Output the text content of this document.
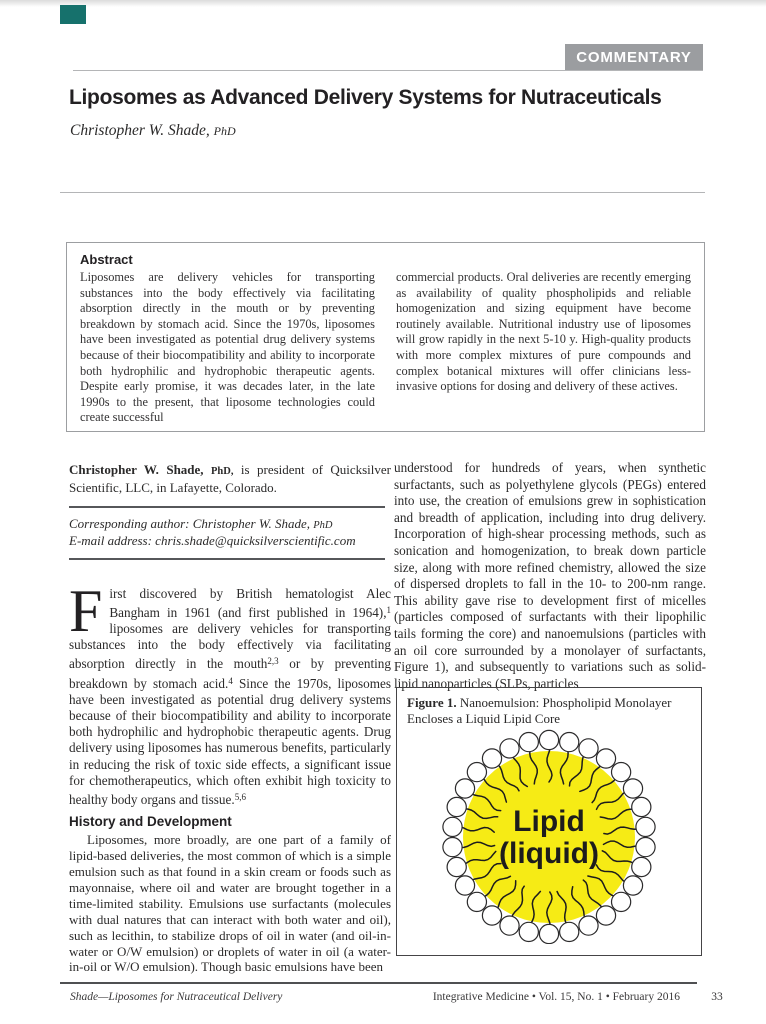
COMMENTARY
Liposomes as Advanced Delivery Systems for Nutraceuticals
Christopher W. Shade, PhD
Abstract

Liposomes are delivery vehicles for transporting substances into the body effectively via facilitating absorption directly in the mouth or by preventing breakdown by stomach acid. Since the 1970s, liposomes have been investigated as potential drug delivery systems because of their biocompatibility and ability to incorporate both hydrophilic and hydrophobic therapeutic agents. Despite early promise, it was decades later, in the late 1990s to the present, that liposome technologies could create successful

commercial products. Oral deliveries are recently emerging as availability of quality phospholipids and reliable homogenization and sizing equipment have become routinely available. Nutritional industry use of liposomes will grow rapidly in the next 5-10 y. High-quality products with more complex mixtures of pure compounds and complex botanical mixtures will offer clinicians less-invasive options for dosing and delivery of these actives.

Christopher W. Shade, PhD, is president of Quicksilver Scientific, LLC, in Lafayette, Colorado.

Corresponding author: Christopher W. Shade, PhD
E-mail address: chris.shade@quicksilverscientific.com

First discovered by British hematologist Alec Bangham in 1961 (and first published in 1964),$^1$ liposomes are delivery vehicles for transporting substances into the body effectively via facilitating absorption directly in the mouth$^{2,3}$ or by preventing breakdown by stomach acid.$^4$ Since the 1970s, liposomes have been investigated as potential drug delivery systems because of their biocompatibility and ability to incorporate both hydrophilic and hydrophobic therapeutic agents. Drug delivery using liposomes has numerous benefits, particularly in reducing the risk of toxic side effects, a significant issue for chemotherapeutics, which often exhibit high toxicity to healthy body organs and tissue.$^{5,6}$

History and Development

Liposomes, more broadly, are one part of a family of lipid-based deliveries, the most common of which is a simple emulsion such as that found in a skin cream or foods such as mayonnaise, where oil and water are brought together in a time-limited stability. Emulsions use surfactants (molecules with dual natures that can interact with both water and oil), such as lecithin, to stabilize drops of oil in water (and oil-in-water or O/W emulsion) or droplets of water in oil (a water-in-oil or W/O emulsion). Though basic emulsions have been

understood for hundreds of years, when synthetic surfactants, such as polyethylene glycols (PEGs) entered into use, the creation of emulsions grew in sophistication and breadth of application, including into drug delivery. Incorporation of high-shear processing methods, such as sonication and homogenization, to break down particle size, along with more refined chemistry, allowed the size of dispersed droplets to fall in the 10- to 200-nm range. This ability gave rise to development first of micelles (particles composed of surfactants with their lipophilic tails forming the core) and nanoemulsions (particles with an oil core surrounded by a monolayer of surfactants, Figure 1), and subsequently to variations such as solid-lipid nanoparticles (SLPs, particles

Figure 1. Nanoemulsion: Phospholipid Monolayer Encloses a Liquid Lipid Core
Lipid
(liquid)
Shade—Liposomes for Nutraceutical Delivery	Integrative Medicine • Vol. 15, No. 1 • February 2016	33
